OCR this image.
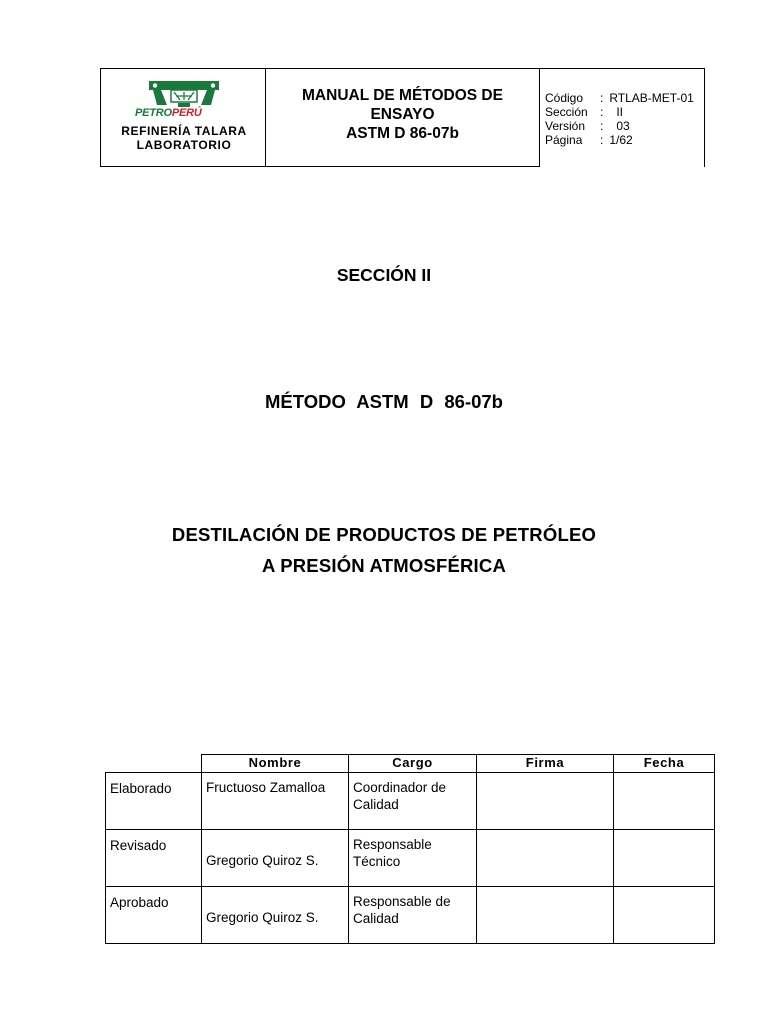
PETROPERÚ
REFINERÍA TALARA
LABORATORIO
MANUAL DE MÉTODOS DE
ENSAYO
ASTM D 86-07b
Código : RTLAB-MET-01
Sección : II
Versión : 03
Página : 1/62
SECCIÓN II
MÉTODO ASTM D 86-07b
DESTILACIÓN DE PRODUCTOS DE PETRÓLEO
A PRESIÓN ATMOSFÉRICA
	Nombre	Cargo	Firma	Fecha
Elaborado	Fructuoso Zamalloa	Coordinador de Calidad		
Revisado	Gregorio Quiroz S.	Responsable Técnico		
Aprobado	Gregorio Quiroz S.	Responsable de Calidad		
